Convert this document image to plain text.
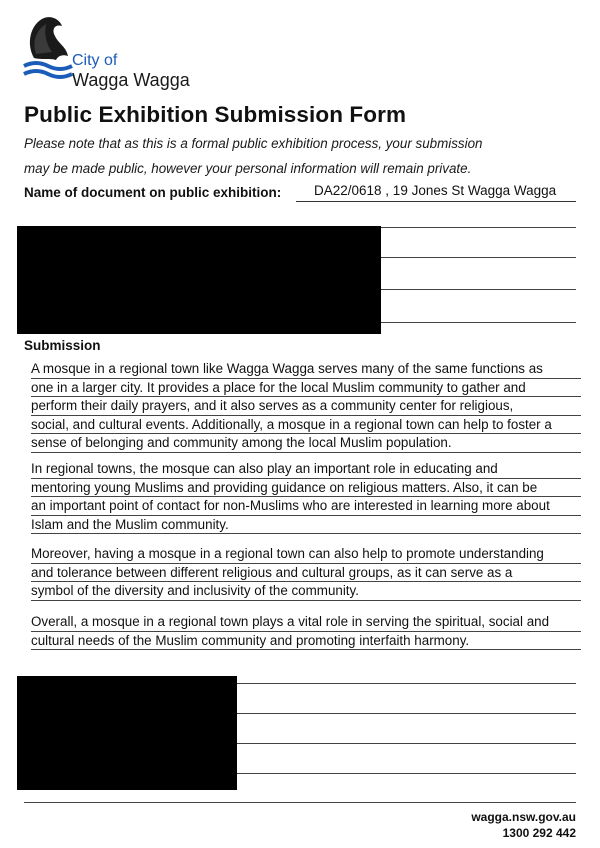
City of
Wagga Wagga
Public Exhibition Submission Form
Please note that as this is a formal public exhibition process, your submission
may be made public, however your personal information will remain private.
Name of document on public exhibition:	DA22/0618 , 19 Jones St Wagga Wagga
Submission
A mosque in a regional town like Wagga Wagga serves many of the same functions as
one in a larger city. It provides a place for the local Muslim community to gather and
perform their daily prayers, and it also serves as a community center for religious,
social, and cultural events. Additionally, a mosque in a regional town can help to foster a
sense of belonging and community among the local Muslim population.
In regional towns, the mosque can also play an important role in educating and
mentoring young Muslims and providing guidance on religious matters. Also, it can be
an important point of contact for non-Muslims who are interested in learning more about
Islam and the Muslim community.
Moreover, having a mosque in a regional town can also help to promote understanding
and tolerance between different religious and cultural groups, as it can serve as a
symbol of the diversity and inclusivity of the community.
Overall, a mosque in a regional town plays a vital role in serving the spiritual, social and
cultural needs of the Muslim community and promoting interfaith harmony.
wagga.nsw.gov.au
1300 292 442
